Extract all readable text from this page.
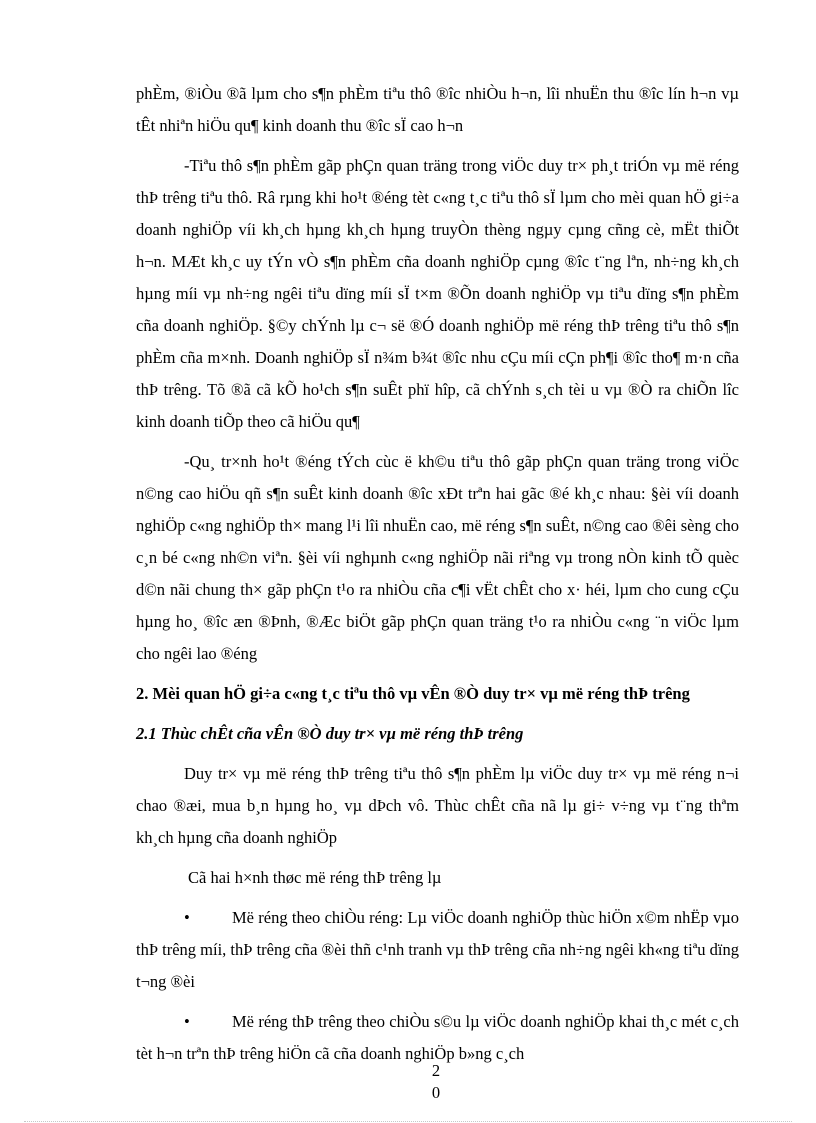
phÈm, ®iÒu ®ã lµm cho s¶n phÈm tiªu thô ®îc nhiÒu h¬n, lîi nhuËn thu ®îc lín h¬n vµ tÊt nhiªn hiÖu qu¶ kinh doanh thu ®îc sÏ cao h¬n

-Tiªu thô s¶n phÈm gãp phÇn quan träng trong viÖc duy tr× ph¸t triÓn vµ më réng thÞ trêng tiªu thô. Râ rµng khi ho¹t ®éng tèt c«ng t¸c tiªu thô sÏ lµm cho mèi quan hÖ gi÷a doanh nghiÖp víi kh¸ch hµng kh¸ch hµng truyÒn thèng ngµy cµng cñng cè, mËt thiÕt h¬n. MÆt kh¸c uy tÝn vÒ s¶n phÈm cña doanh nghiÖp cµng ®îc t¨ng lªn, nh÷ng kh¸ch hµng míi vµ nh÷ng ngêi tiªu dïng míi sÏ t×m ®Õn doanh nghiÖp vµ tiªu dïng s¶n phÈm cña doanh nghiÖp. §©y chÝnh lµ c¬ së ®Ó doanh nghiÖp më réng thÞ trêng tiªu thô s¶n phÈm cña m×nh. Doanh nghiÖp sÏ n¾m b¾t ®îc nhu cÇu míi cÇn ph¶i ®îc tho¶ m·n cña thÞ trêng. Tõ ®ã cã kÕ ho¹ch s¶n suÊt phï hîp, cã chÝnh s¸ch tèi u vµ ®Ò ra chiÕn lîc kinh doanh tiÕp theo cã hiÖu qu¶

-Qu¸ tr×nh ho¹t ®éng tÝch cùc ë kh©u tiªu thô gãp phÇn quan träng trong viÖc n©ng cao hiÖu qñ s¶n suÊt kinh doanh ®îc xÐt trªn hai gãc ®é kh¸c nhau: §èi víi doanh nghiÖp c«ng nghiÖp th× mang l¹i lîi nhuËn cao, më réng s¶n suÊt, n©ng cao ®êi sèng cho c¸n bé c«ng nh©n viªn. §èi víi nghµnh c«ng nghiÖp nãi riªng vµ trong nÒn kinh tÕ quèc d©n nãi chung th× gãp phÇn t¹o ra nhiÒu cña c¶i vËt chÊt cho x· héi, lµm cho cung cÇu hµng ho¸ ®îc æn ®Þnh, ®Æc biÖt gãp phÇn quan träng t¹o ra nhiÒu c«ng ¨n viÖc lµm cho ngêi lao ®éng

2. Mèi quan hÖ gi÷a c«ng t¸c tiªu thô vµ vÊn ®Ò duy tr× vµ më réng thÞ trêng
2.1 Thùc chÊt cña vÊn ®Ò duy tr× vµ më réng thÞ trêng

Duy tr× vµ më réng thÞ trêng tiªu thô s¶n phÈm lµ viÖc duy tr× vµ më réng n¬i chao ®æi, mua b¸n hµng ho¸ vµ dÞch vô. Thùc chÊt cña nã lµ gi÷ v÷ng vµ t¨ng thªm kh¸ch hµng cña doanh nghiÖp

Cã hai h×nh thøc më réng thÞ trêng lµ

•	Më réng theo chiÒu réng: Lµ viÖc doanh nghiÖp thùc hiÖn x©m nhËp vµo thÞ trêng míi, thÞ trêng cña ®èi thñ c¹nh tranh vµ thÞ trêng cña nh÷ng ngêi kh«ng tiªu dïng t¬ng ®èi

•	Më réng thÞ trêng theo chiÒu s©u lµ viÖc doanh nghiÖp khai th¸c mét c¸ch tèt h¬n trªn thÞ trêng hiÖn cã cña doanh nghiÖp b»ng c¸ch

2
0
